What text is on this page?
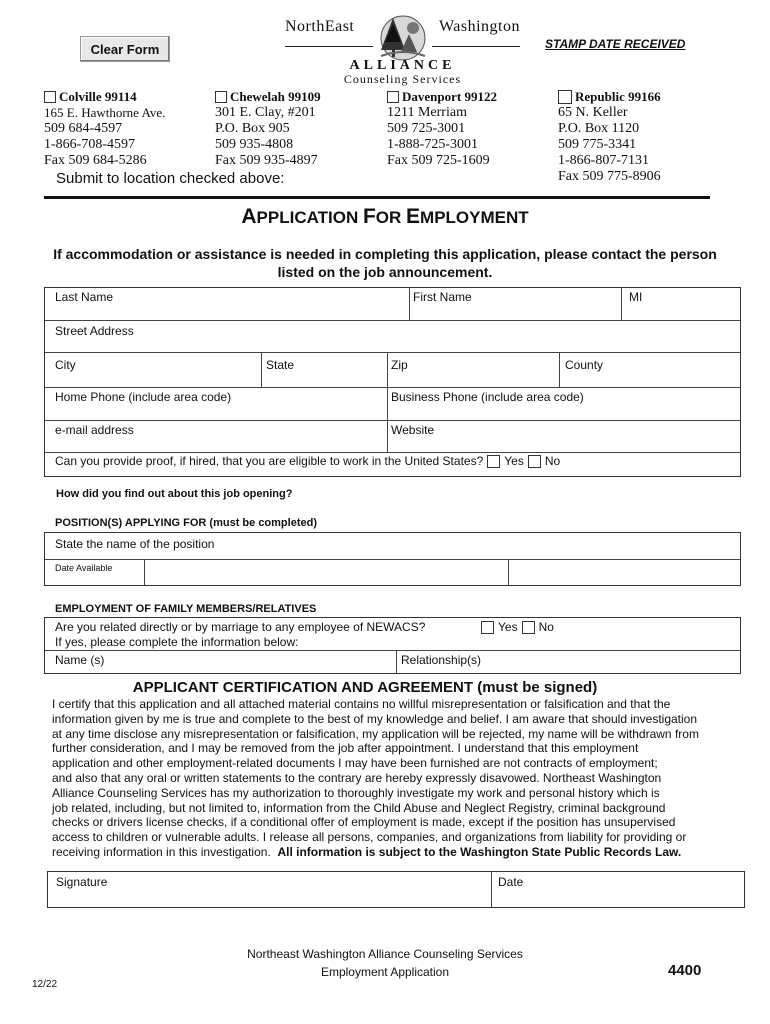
Clear Form
NorthEast	Washington
ALLIANCE
Counseling Services
STAMP DATE RECEIVED
Colville 99114
165 E. Hawthorne Ave.
509 684-4597
1-866-708-4597
Fax 509 684-5286
Chewelah 99109
301 E. Clay, #201
P.O. Box 905
509 935-4808
Fax 509 935-4897
Davenport 99122
1211 Merriam
509 725-3001
1-888-725-3001
Fax 509 725-1609
Republic 99166
65 N. Keller
P.O. Box 1120
509 775-3341
1-866-807-7131
Fax 509 775-8906
Submit to location checked above:
APPLICATION FOR EMPLOYMENT
If accommodation or assistance is needed in completing this application, please contact the person listed on the job announcement.
Last Name	First Name	MI
Street Address
City	State	Zip	County
Home Phone (include area code)	Business Phone (include area code)
e-mail address	Website
Can you provide proof, if hired, that you are eligible to work in the United States? Yes No
How did you find out about this job opening?
POSITION(S) APPLYING FOR (must be completed)
State the name of the position
Date Available
EMPLOYMENT OF FAMILY MEMBERS/RELATIVES
Are you related directly or by marriage to any employee of NEWACS?	Yes No
If yes, please complete the information below:
Name (s)	Relationship(s)
APPLICANT CERTIFICATION AND AGREEMENT (must be signed)
I certify that this application and all attached material contains no willful misrepresentation or falsification and that the
information given by me is true and complete to the best of my knowledge and belief. I am aware that should investigation
at any time disclose any misrepresentation or falsification, my application will be rejected, my name will be withdrawn from
further consideration, and I may be removed from the job after appointment. I understand that this employment
application and other employment-related documents I may have been furnished are not contracts of employment;
and also that any oral or written statements to the contrary are hereby expressly disavowed. Northeast Washington
Alliance Counseling Services has my authorization to thoroughly investigate my work and personal history which is
job related, including, but not limited to, information from the Child Abuse and Neglect Registry, criminal background
checks or drivers license checks, if a conditional offer of employment is made, except if the position has unsupervised
access to children or vulnerable adults. I release all persons, companies, and organizations from liability for providing or
receiving information in this investigation. All information is subject to the Washington State Public Records Law.
Signature	Date
Northeast Washington Alliance Counseling Services
Employment Application	4400
12/22
